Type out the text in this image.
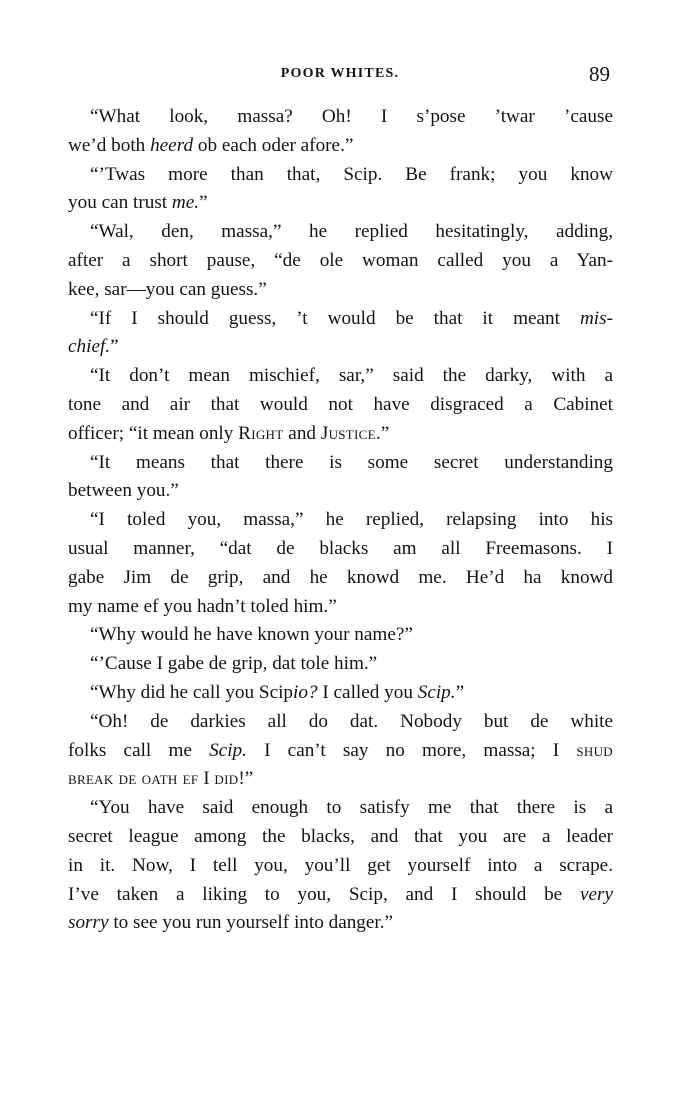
POOR WHITES.	89
“What look, massa? Oh! I s’pose ’twar ’cause
we’d both heerd ob each oder afore.”
“’Twas more than that, Scip. Be frank; you know
you can trust me.”
“Wal, den, massa,” he replied hesitatingly, adding,
after a short pause, “de ole woman called you a Yan-
kee, sar—you can guess.”
“If I should guess, ’t would be that it meant mis-
chief.”
“It don’t mean mischief, sar,” said the darky, with a
tone and air that would not have disgraced a Cabinet
officer; “it mean only Right and Justice.”
“It means that there is some secret understanding
between you.”
“I toled you, massa,” he replied, relapsing into his
usual manner, “dat de blacks am all Freemasons. I
gabe Jim de grip, and he knowd me. He’d ha knowd
my name ef you hadn’t toled him.”
“Why would he have known your name?”
“’Cause I gabe de grip, dat tole him.”
“Why did he call you Scipio? I called you Scip.”
“Oh! de darkies all do dat. Nobody but de white
folks call me Scip. I can’t say no more, massa; I shud
break de oath ef I did!”
“You have said enough to satisfy me that there is a
secret league among the blacks, and that you are a leader
in it. Now, I tell you, you’ll get yourself into a scrape.
I’ve taken a liking to you, Scip, and I should be very
sorry to see you run yourself into danger.”
